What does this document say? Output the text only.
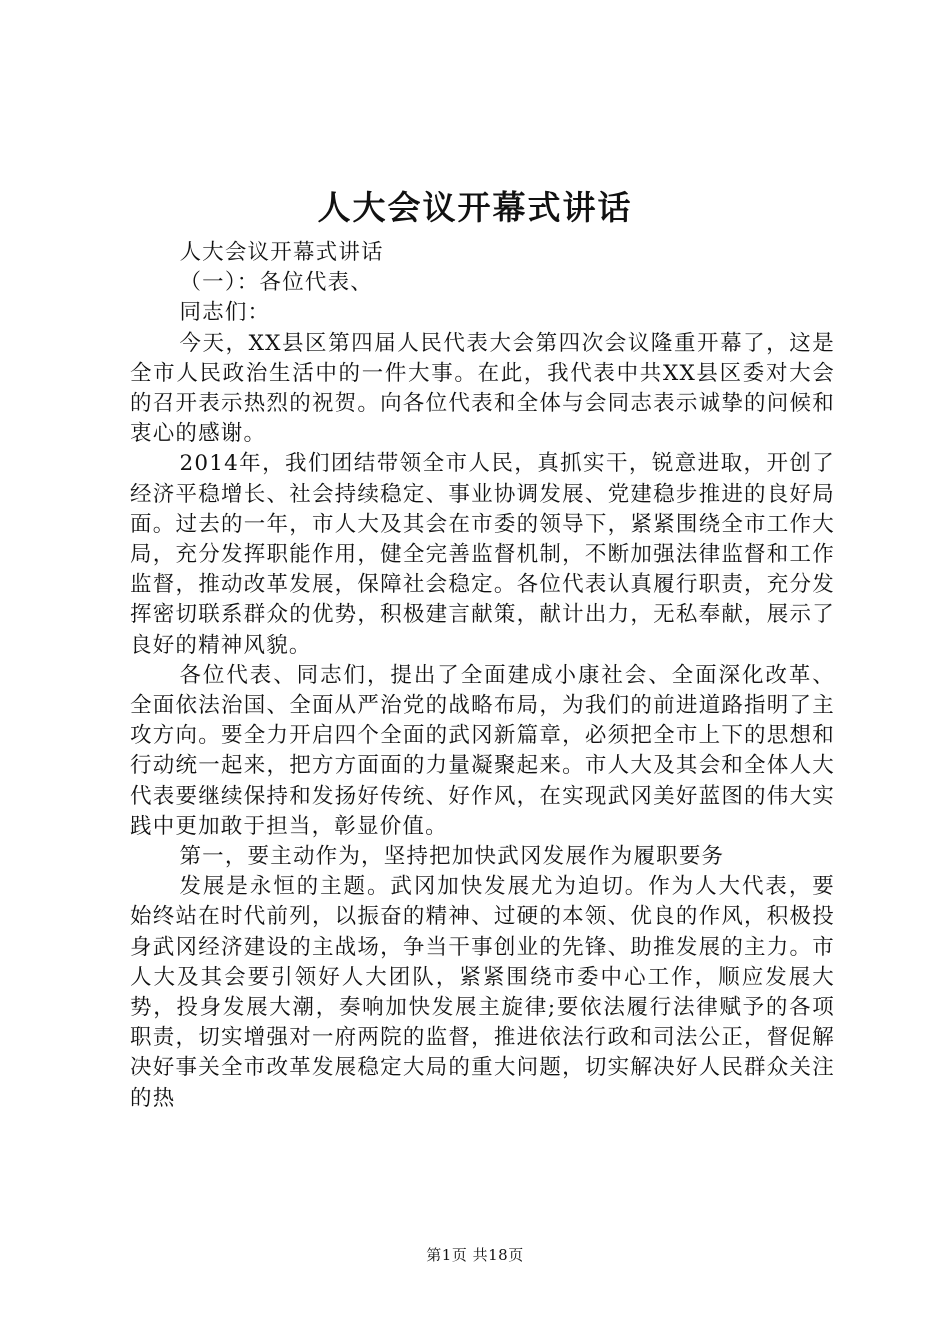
人大会议开幕式讲话

人大会议开幕式讲话

（一）：各位代表、

同志们：

今天，XX县区第四届人民代表大会第四次会议隆重开幕了，这是全市人民政治生活中的一件大事。在此，我代表中共XX县区委对大会的召开表示热烈的祝贺。向各位代表和全体与会同志表示诚挚的问候和衷心的感谢。

2014年，我们团结带领全市人民，真抓实干，锐意进取，开创了经济平稳增长、社会持续稳定、事业协调发展、党建稳步推进的良好局面。过去的一年，市人大及其会在市委的领导下，紧紧围绕全市工作大局，充分发挥职能作用，健全完善监督机制，不断加强法律监督和工作监督，推动改革发展，保障社会稳定。各位代表认真履行职责，充分发挥密切联系群众的优势，积极建言献策，献计出力，无私奉献，展示了良好的精神风貌。

各位代表、同志们，提出了全面建成小康社会、全面深化改革、全面依法治国、全面从严治党的战略布局，为我们的前进道路指明了主攻方向。要全力开启四个全面的武冈新篇章，必须把全市上下的思想和行动统一起来，把方方面面的力量凝聚起来。市人大及其会和全体人大代表要继续保持和发扬好传统、好作风，在实现武冈美好蓝图的伟大实践中更加敢于担当，彰显价值。

第一，要主动作为，坚持把加快武冈发展作为履职要务

发展是永恒的主题。武冈加快发展尤为迫切。作为人大代表，要始终站在时代前列，以振奋的精神、过硬的本领、优良的作风，积极投身武冈经济建设的主战场，争当干事创业的先锋、助推发展的主力。市人大及其会要引领好人大团队，紧紧围绕市委中心工作，顺应发展大势，投身发展大潮，奏响加快发展主旋律;要依法履行法律赋予的各项职责，切实增强对一府两院的监督，推进依法行政和司法公正，督促解决好事关全市改革发展稳定大局的重大问题，切实解决好人民群众关注的热

第1页 共18页
